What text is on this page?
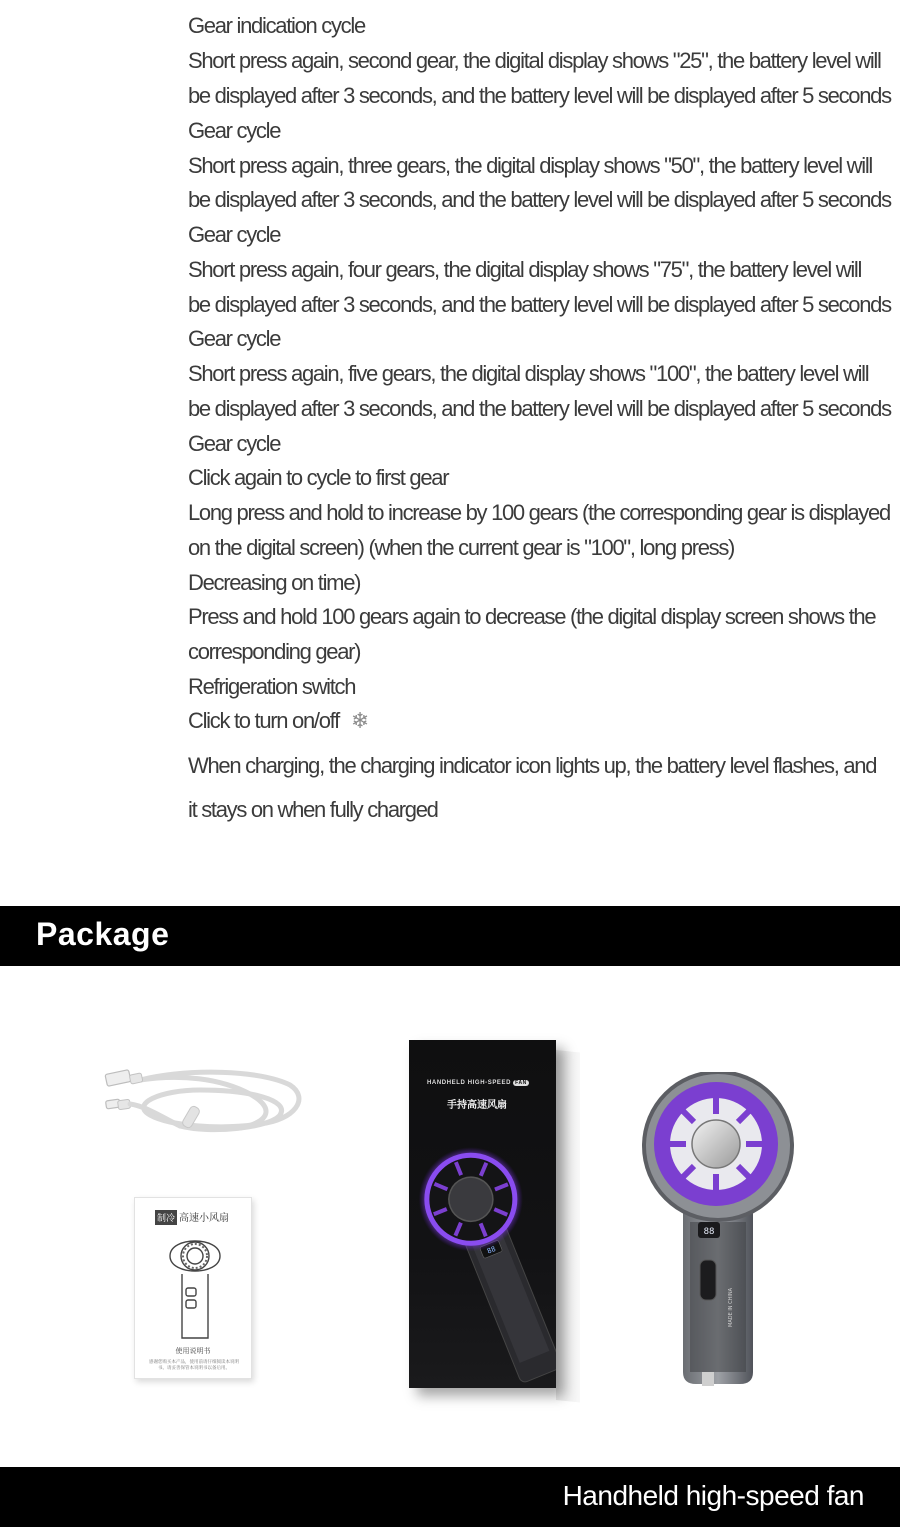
Gear indication cycle
Short press again, second gear, the digital display shows "25", the battery level will
be displayed after 3 seconds, and the battery level will be displayed after 5 seconds
Gear cycle
Short press again, three gears, the digital display shows "50", the battery level will
be displayed after 3 seconds, and the battery level will be displayed after 5 seconds
Gear cycle
Short press again, four gears, the digital display shows "75", the battery level will
be displayed after 3 seconds, and the battery level will be displayed after 5 seconds
Gear cycle
Short press again, five gears, the digital display shows "100", the battery level will
be displayed after 3 seconds, and the battery level will be displayed after 5 seconds
Gear cycle
Click again to cycle to first gear
Long press and hold to increase by 100 gears (the corresponding gear is displayed
on the digital screen) (when the current gear is "100", long press)
Decreasing on time)
Press and hold 100 gears again to decrease (the digital display screen shows the
corresponding gear)
Refrigeration switch
Click to turn on/off ❄
When charging, the charging indicator icon lights up, the battery level flashes, and
it stays on when fully charged
Package
制冷 高速小风扇
使用说明书
感谢您购买本产品，使用前请仔细阅读本说明书。请妥善保管本说明书以备后用。
HANDHELD HIGH-SPEED FAN
手持高速风扇
88
88
MADE IN CHINA
Handheld high-speed fan
